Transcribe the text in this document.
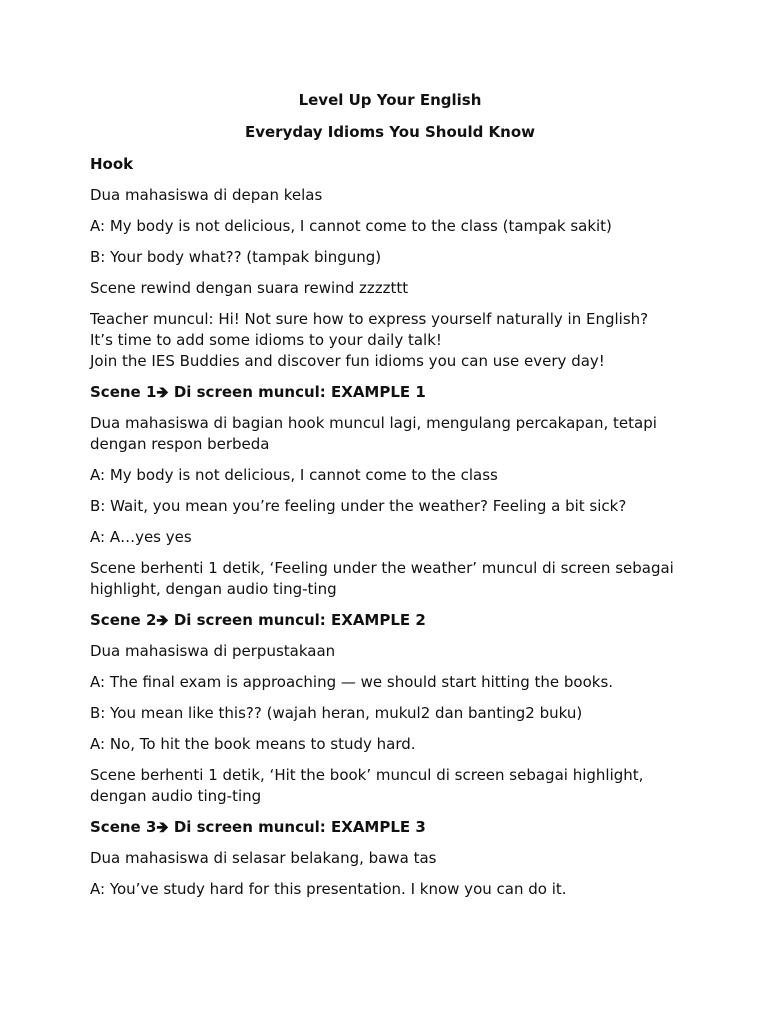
Level Up Your English
Everyday Idioms You Should Know
Hook
Dua mahasiswa di depan kelas
A: My body is not delicious, I cannot come to the class (tampak sakit)
B: Your body what?? (tampak bingung)
Scene rewind dengan suara rewind zzzzttt
Teacher muncul: Hi! Not sure how to express yourself naturally in English?
It’s time to add some idioms to your daily talk!
Join the IES Buddies and discover fun idioms you can use every day!
Scene 1🡺 Di screen muncul: EXAMPLE 1
Dua mahasiswa di bagian hook muncul lagi, mengulang percakapan, tetapi dengan respon berbeda
A: My body is not delicious, I cannot come to the class
B: Wait, you mean you’re feeling under the weather? Feeling a bit sick?
A: A…yes yes
Scene berhenti 1 detik, ‘Feeling under the weather’ muncul di screen sebagai highlight, dengan audio ting-ting
Scene 2🡺 Di screen muncul: EXAMPLE 2
Dua mahasiswa di perpustakaan
A: The final exam is approaching — we should start hitting the books.
B: You mean like this?? (wajah heran, mukul2 dan banting2 buku)
A: No, To hit the book means to study hard.
Scene berhenti 1 detik, ‘Hit the book’ muncul di screen sebagai highlight, dengan audio ting-ting
Scene 3🡺 Di screen muncul: EXAMPLE 3
Dua mahasiswa di selasar belakang, bawa tas
A: You’ve study hard for this presentation. I know you can do it.
